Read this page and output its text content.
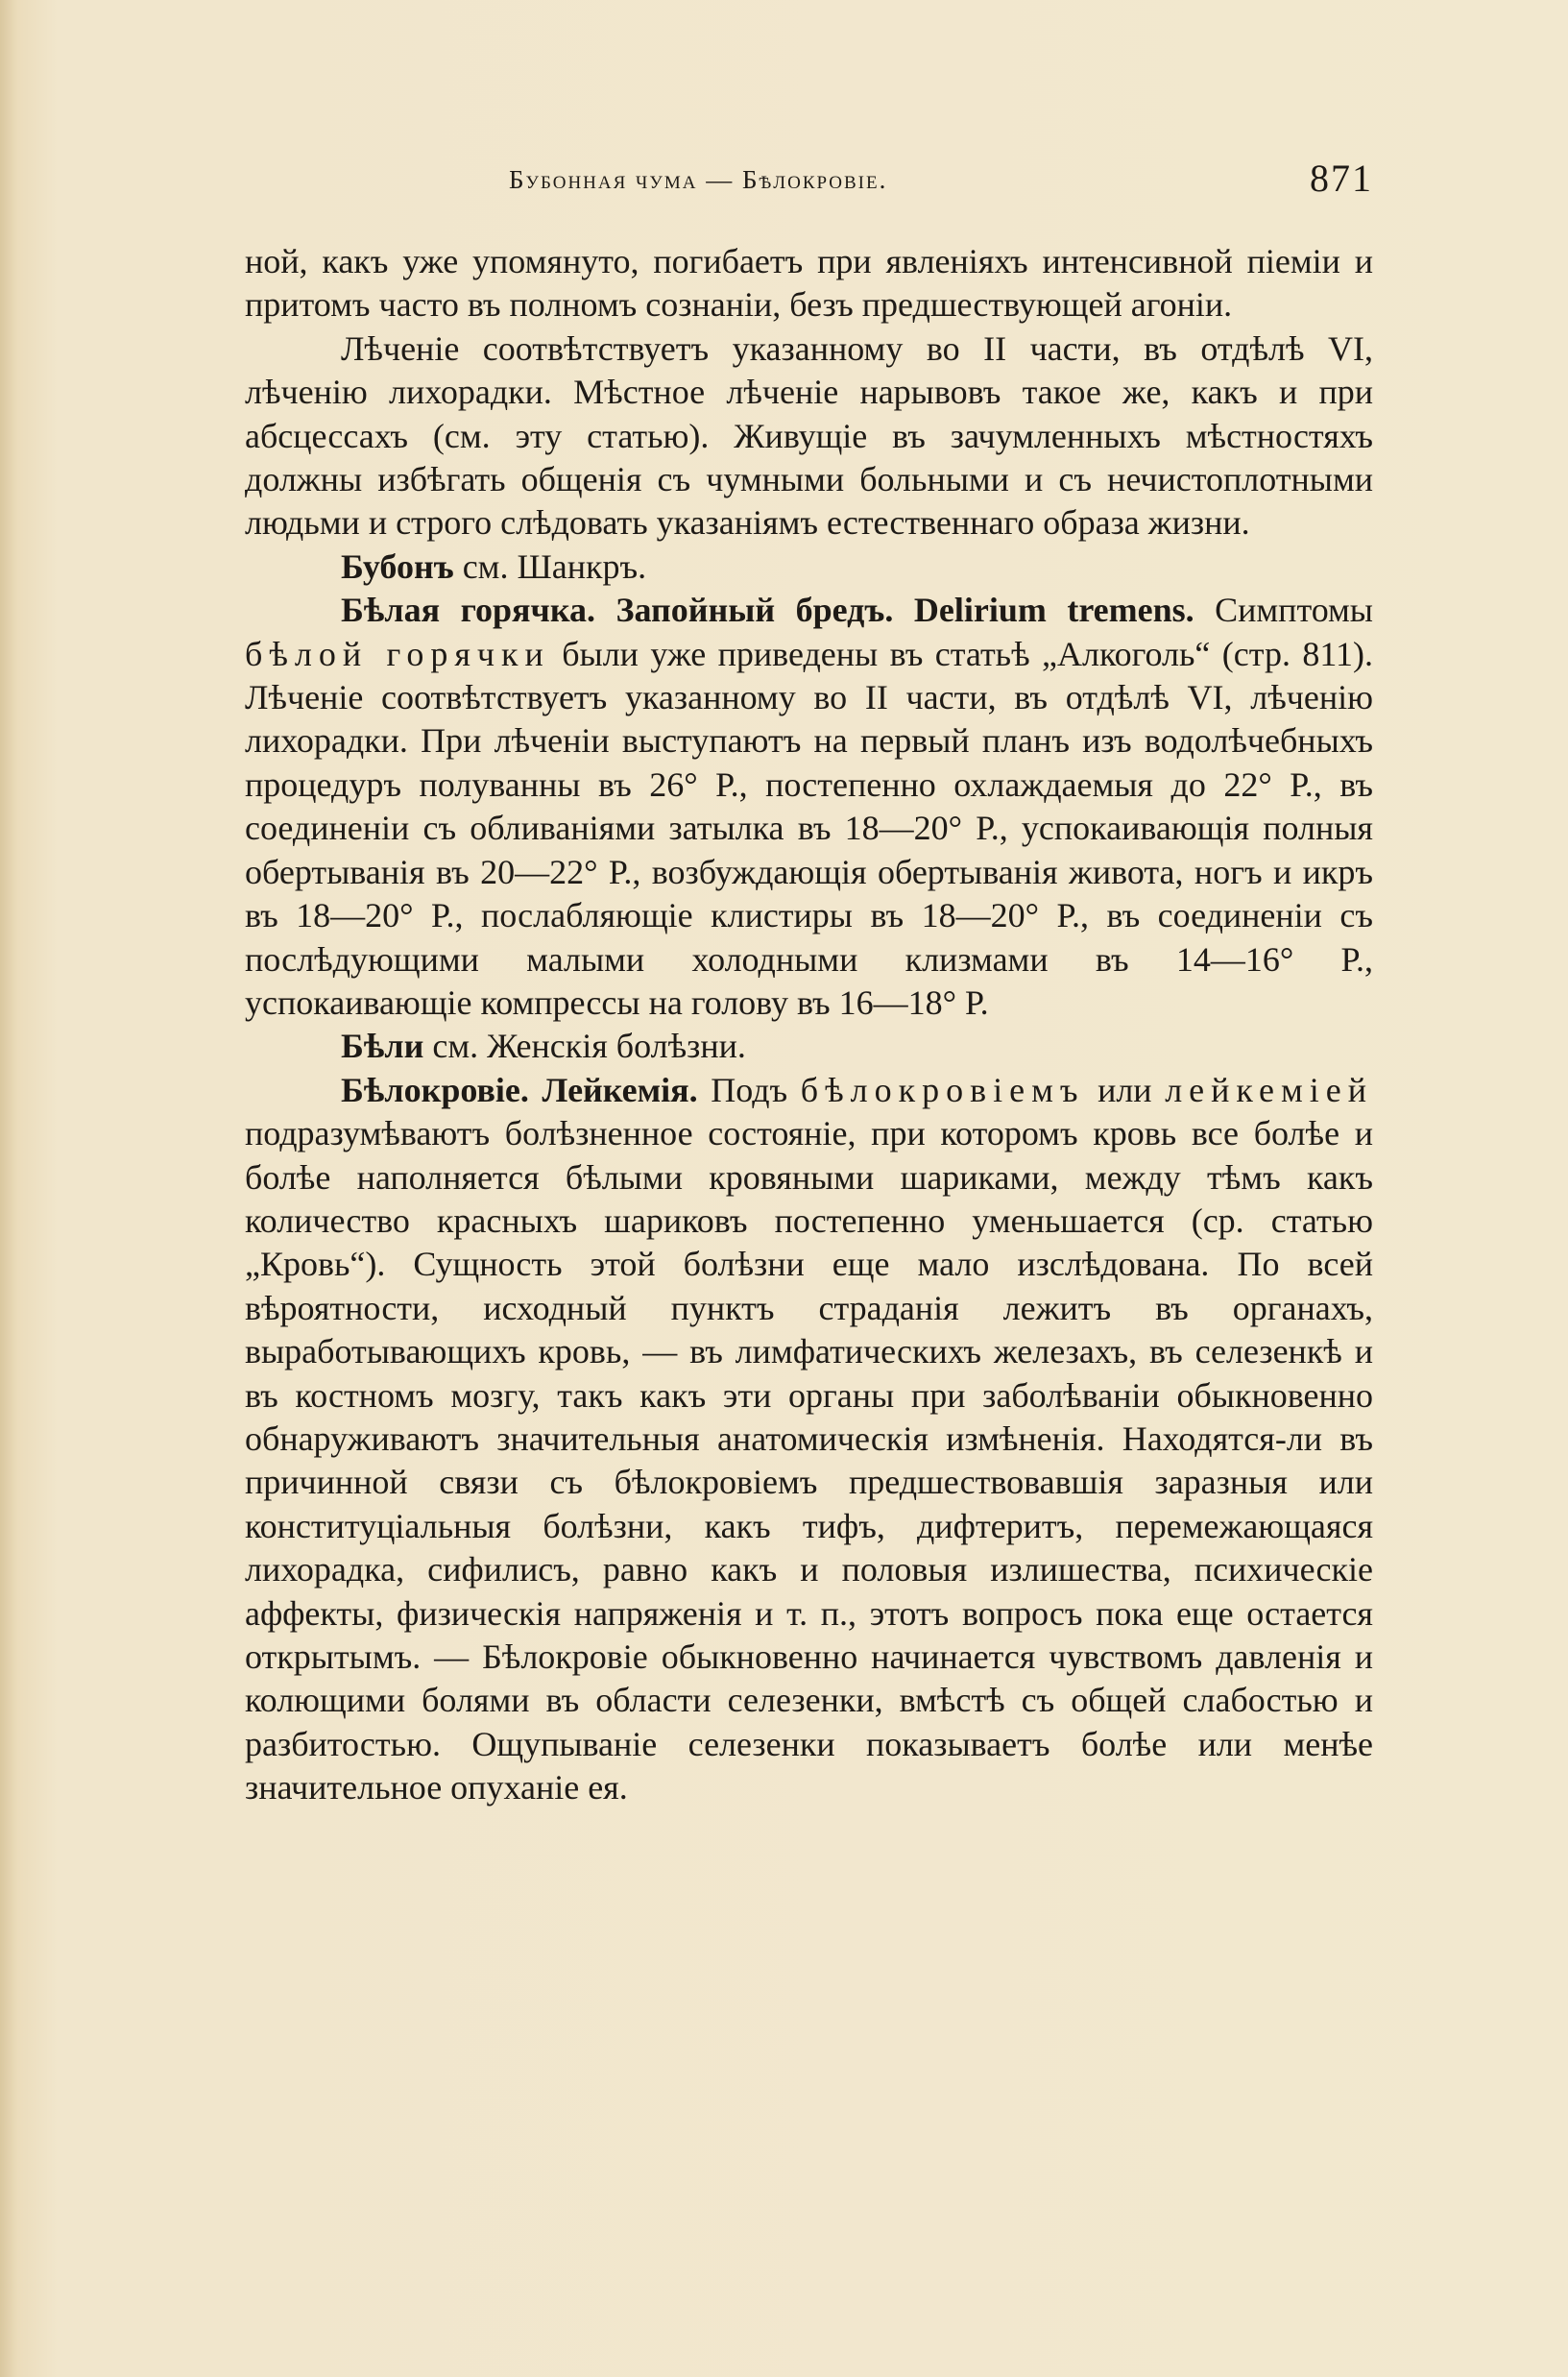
Бубонная чума — Бѣлокровіе.	871

ной, какъ уже упомянуто, погибаетъ при явленіяхъ интенсивной піеміи и притомъ часто въ полномъ сознаніи, безъ предшествующей агоніи.

Лѣченіе соотвѣтствуетъ указанному во II части, въ отдѣлѣ VI, лѣченію лихорадки. Мѣстное лѣченіе нарывовъ такое же, какъ и при абсцессахъ (см. эту статью). Живущіе въ зачумленныхъ мѣстностяхъ должны избѣгать общенія съ чумными больными и съ нечистоплотными людьми и строго слѣдовать указаніямъ естественнаго образа жизни.

Бубонъ см. Шанкръ.

Бѣлая горячка. Запойный бредъ. Delirium tremens. Симптомы бѣлой горячки были уже приведены въ статьѣ „Алкоголь“ (стр. 811). Лѣченіе соотвѣтствуетъ указанному во II части, въ отдѣлѣ VI, лѣченію лихорадки. При лѣченіи выступаютъ на первый планъ изъ водолѣчебныхъ процедуръ полуванны въ 26° Р., постепенно охлаждаемыя до 22° Р., въ соединеніи съ обливаніями затылка въ 18—20° Р., успокаивающія полныя обертыванія въ 20—22° Р., возбуждающія обертыванія живота, ногъ и икръ въ 18—20° Р., послабляющіе клистиры въ 18—20° Р., въ соединеніи съ послѣдующими малыми холодными клизмами въ 14—16° Р., успокаивающіе компрессы на голову въ 16—18° Р.

Бѣли см. Женскія болѣзни.

Бѣлокровіе. Лейкемія. Подъ бѣлокровіемъ или лейкеміей подразумѣваютъ болѣзненное состояніе, при которомъ кровь все болѣе и болѣе наполняется бѣлыми кровяными шариками, между тѣмъ какъ количество красныхъ шариковъ постепенно уменьшается (ср. статью „Кровь“). Сущность этой болѣзни еще мало изслѣдована. По всей вѣроятности, исходный пунктъ страданія лежитъ въ органахъ, выработывающихъ кровь, — въ лимфатическихъ железахъ, въ селезенкѣ и въ костномъ мозгу, такъ какъ эти органы при заболѣваніи обыкновенно обнаруживаютъ значительныя анатомическія измѣненія. Находятся-ли въ причинной связи съ бѣлокровіемъ предшествовавшія заразныя или конституціальныя болѣзни, какъ тифъ, дифтеритъ, перемежающаяся лихорадка, сифилисъ, равно какъ и половыя излишества, психическіе аффекты, физическія напряженія и т. п., этотъ вопросъ пока еще остается открытымъ. — Бѣлокровіе обыкновенно начинается чувствомъ давленія и колющими болями въ области селезенки, вмѣстѣ съ общей слабостью и разбитостью. Ощупываніе селезенки показываетъ болѣе или менѣе значительное опуханіе ея.
